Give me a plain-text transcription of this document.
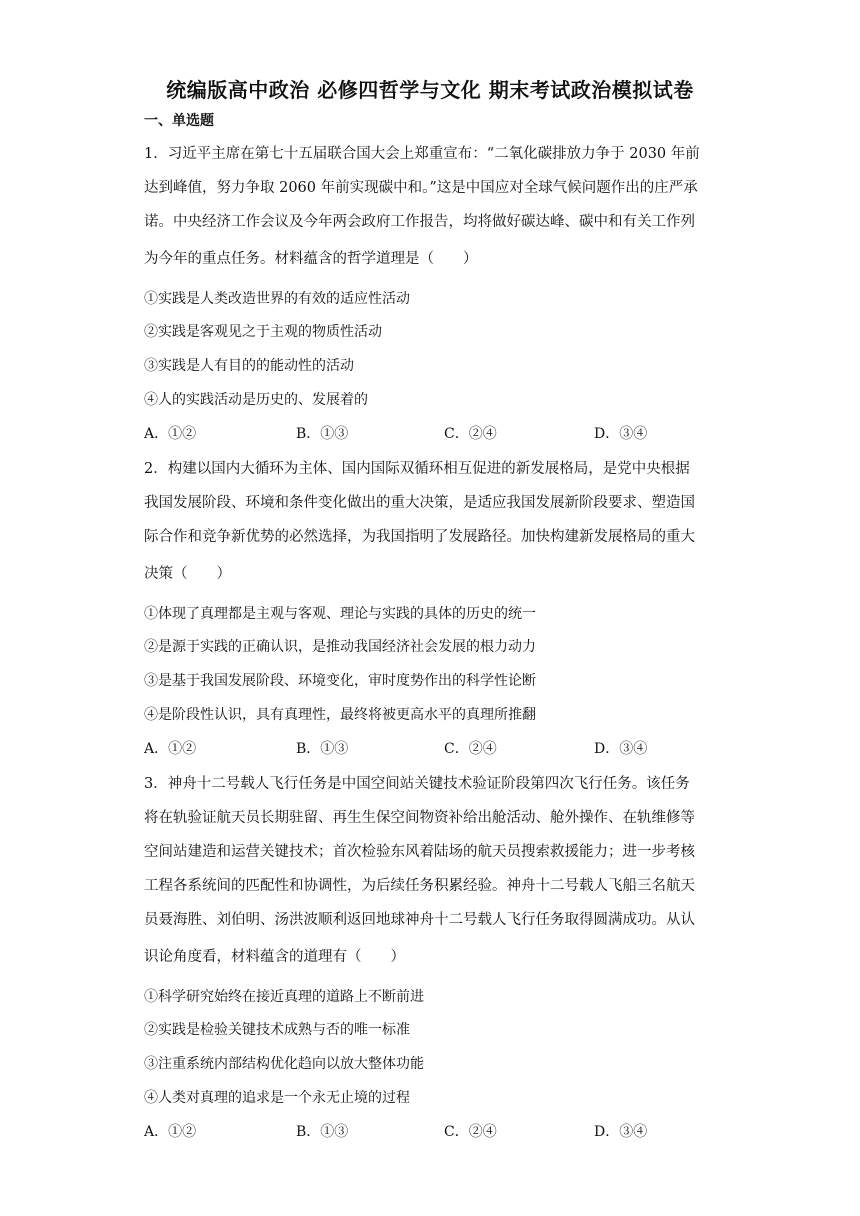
统编版高中政治 必修四哲学与文化 期末考试政治模拟试卷
一、单选题
1．习近平主席在第七十五届联合国大会上郑重宣布：“二氧化碳排放力争于 2030 年前
达到峰值，努力争取 2060 年前实现碳中和。”这是中国应对全球气候问题作出的庄严承
诺。中央经济工作会议及今年两会政府工作报告，均将做好碳达峰、碳中和有关工作列
为今年的重点任务。材料蕴含的哲学道理是（　　）
①实践是人类改造世界的有效的适应性活动
②实践是客观见之于主观的物质性活动
③实践是人有目的的能动性的活动
④人的实践活动是历史的、发展着的
A．①②	B．①③	C．②④	D．③④
2．构建以国内大循环为主体、国内国际双循环相互促进的新发展格局，是党中央根据
我国发展阶段、环境和条件变化做出的重大决策，是适应我国发展新阶段要求、塑造国
际合作和竞争新优势的必然选择，为我国指明了发展路径。加快构建新发展格局的重大
决策（　　）
①体现了真理都是主观与客观、理论与实践的具体的历史的统一
②是源于实践的正确认识，是推动我国经济社会发展的根力动力
③是基于我国发展阶段、环境变化，审时度势作出的科学性论断
④是阶段性认识，具有真理性，最终将被更高水平的真理所推翻
A．①②	B．①③	C．②④	D．③④
3．神舟十二号载人飞行任务是中国空间站关键技术验证阶段第四次飞行任务。该任务
将在轨验证航天员长期驻留、再生生保空间物资补给出舱活动、舱外操作、在轨维修等
空间站建造和运营关键技术；首次检验东风着陆场的航天员搜索救援能力；进一步考核
工程各系统间的匹配性和协调性，为后续任务积累经验。神舟十二号载人飞船三名航天
员聂海胜、刘伯明、汤洪波顺利返回地球神舟十二号载人飞行任务取得圆满成功。从认
识论角度看，材料蕴含的道理有（　　）
①科学研究始终在接近真理的道路上不断前进
②实践是检验关键技术成熟与否的唯一标准
③注重系统内部结构优化趋向以放大整体功能
④人类对真理的追求是一个永无止境的过程
A．①②	B．①③	C．②④	D．③④
